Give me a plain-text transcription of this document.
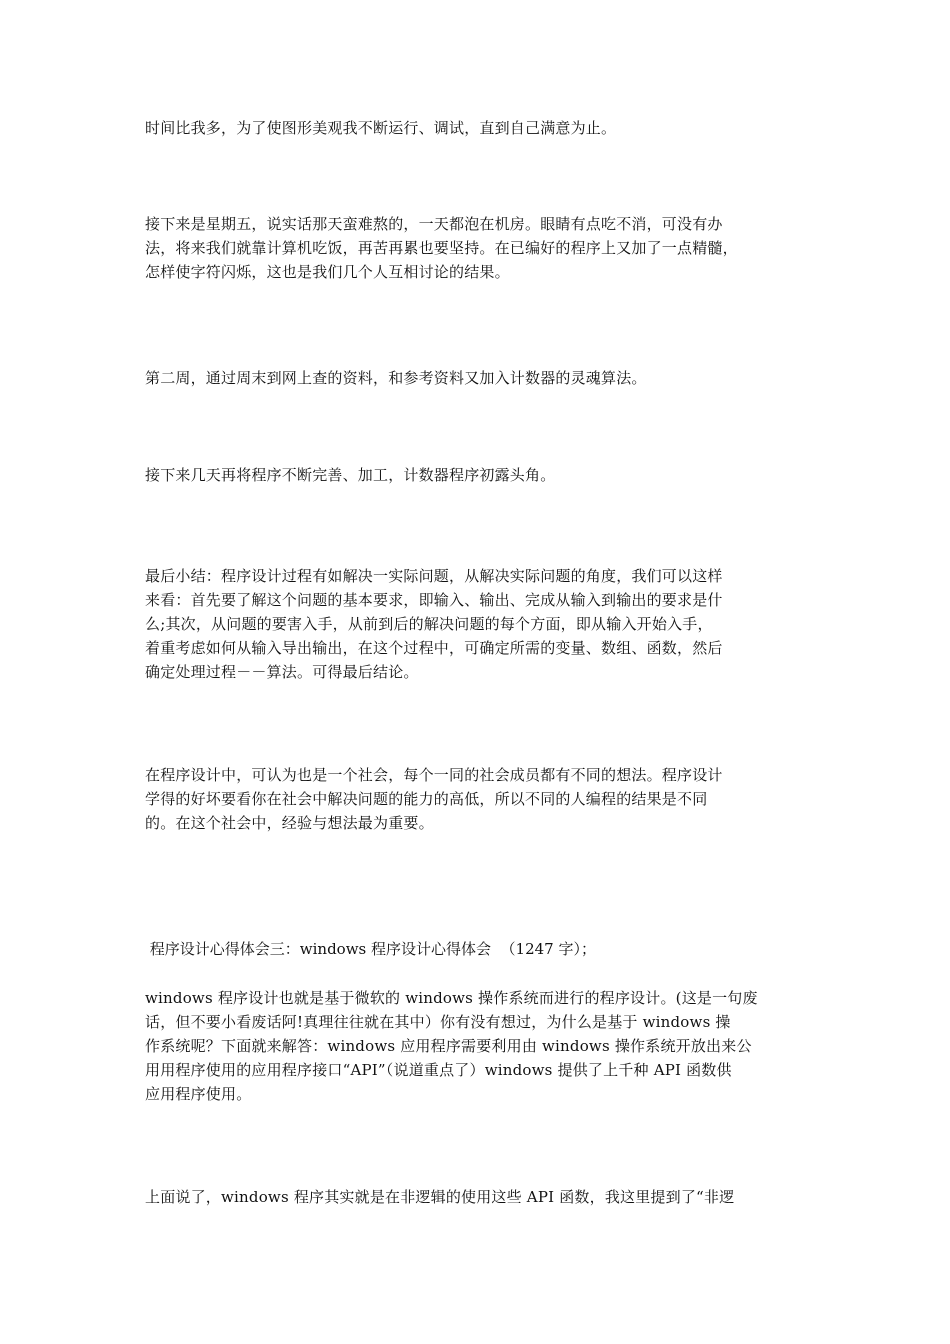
时间比我多，为了使图形美观我不断运行、调试，直到自己满意为止。
接下来是星期五，说实话那天蛮难熬的，一天都泡在机房。眼睛有点吃不消，可没有办
法，将来我们就靠计算机吃饭，再苦再累也要坚持。在已编好的程序上又加了一点精髓，
怎样使字符闪烁，这也是我们几个人互相讨论的结果。
第二周，通过周末到网上查的资料，和参考资料又加入计数器的灵魂算法。
接下来几天再将程序不断完善、加工，计数器程序初露头角。
最后小结：程序设计过程有如解决一实际问题，从解决实际问题的角度，我们可以这样
来看：首先要了解这个问题的基本要求，即输入、输出、完成从输入到输出的要求是什
么;其次，从问题的要害入手，从前到后的解决问题的每个方面，即从输入开始入手，
着重考虑如何从输入导出输出，在这个过程中，可确定所需的变量、数组、函数，然后
确定处理过程－－算法。可得最后结论。
在程序设计中，可认为也是一个社会，每个一同的社会成员都有不同的想法。程序设计
学得的好坏要看你在社会中解决问题的能力的高低，所以不同的人编程的结果是不同
的。在这个社会中，经验与想法最为重要。
程序设计心得体会三：windows 程序设计心得体会  （1247 字）；
windows 程序设计也就是基于微软的 windows 操作系统而进行的程序设计。(这是一句废
话，但不要小看废话阿!真理往往就在其中）你有没有想过，为什么是基于 windows 操
作系统呢？下面就来解答：windows 应用程序需要利用由 windows 操作系统开放出来公
用用程序使用的应用程序接口“API”（说道重点了）windows 提供了上千种 API 函数供
应用程序使用。
上面说了，windows 程序其实就是在非逻辑的使用这些 API 函数，我这里提到了“非逻
